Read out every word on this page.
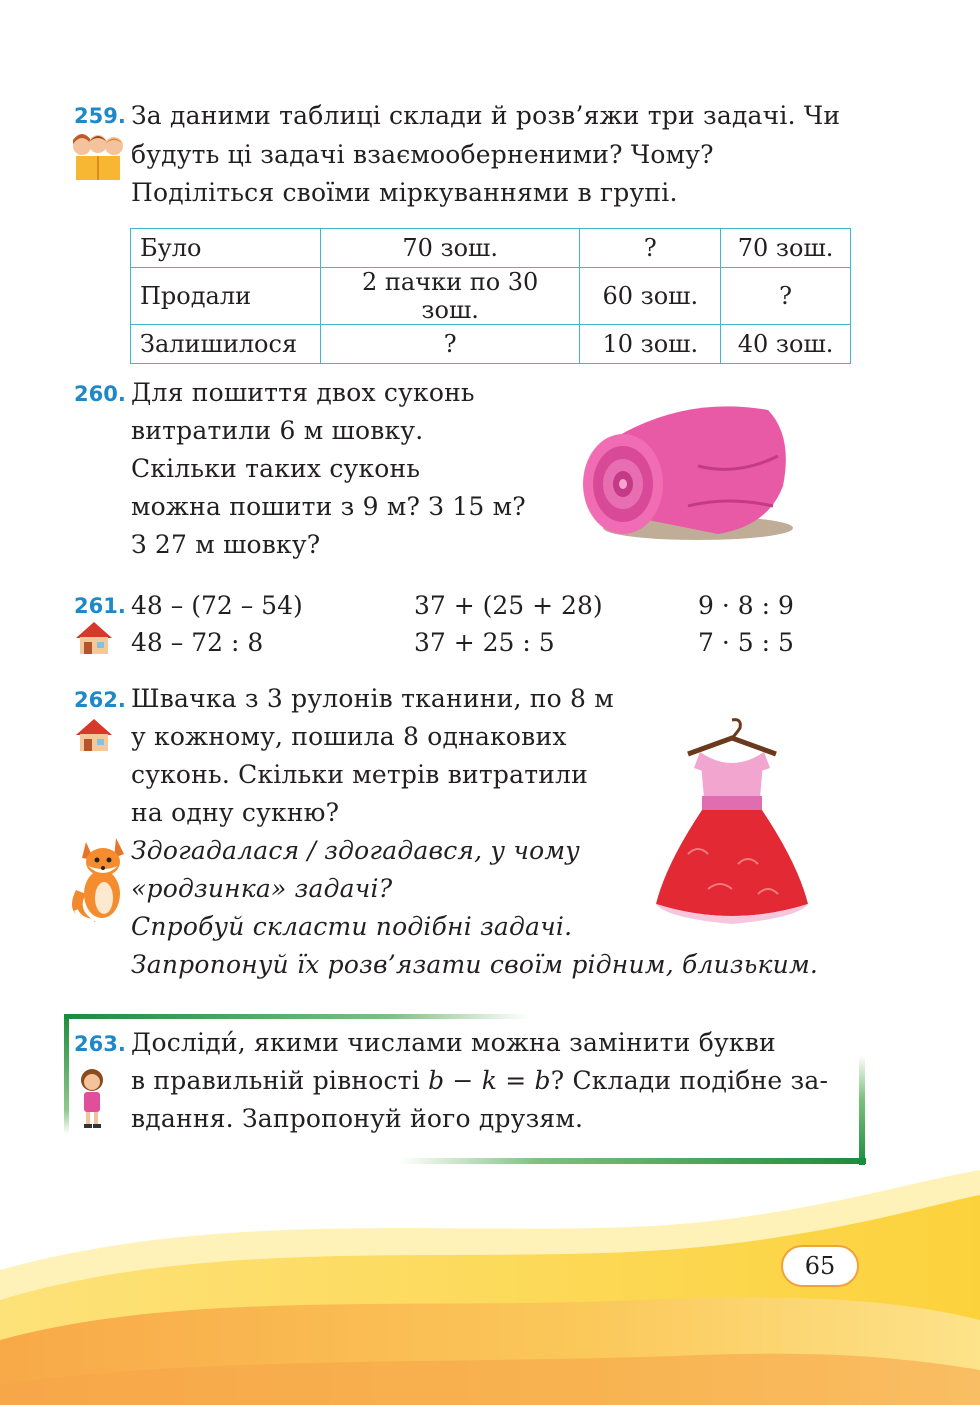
259. За даними таблиці склади й розв’яжи три задачі. Чи
будуть ці задачі взаємооберненими? Чому?
Поділіться своїми міркуваннями в групі.
Було	70 зош.	?	70 зош.
Продали	2 пачки по 30 зош.	60 зош.	?
Залишилося	?	10 зош.	40 зош.
260. Для пошиття двох суконь
витратили 6 м шовку.
Скільки таких суконь
можна пошити з 9 м? З 15 м?
З 27 м шовку?
261. 48 – (72 – 54)	37 + (25 + 28)	9 · 8 : 9
48 – 72 : 8	37 + 25 : 5	7 · 5 : 5
262. Швачка з 3 рулонів тканини, по 8 м
у кожному, пошила 8 однакових
суконь. Скільки метрів витратили
на одну сукню?
Здогадалася / здогадався, у чому
«родзинка» задачі?
Спробуй скласти подібні задачі.
Запропонуй їх розв’язати своїм рідним, близьким.
263. Досліди́, якими числами можна замінити букви
в правильній рівності b − k = b? Склади подібне за-
вдання. Запропонуй його друзям.
65
